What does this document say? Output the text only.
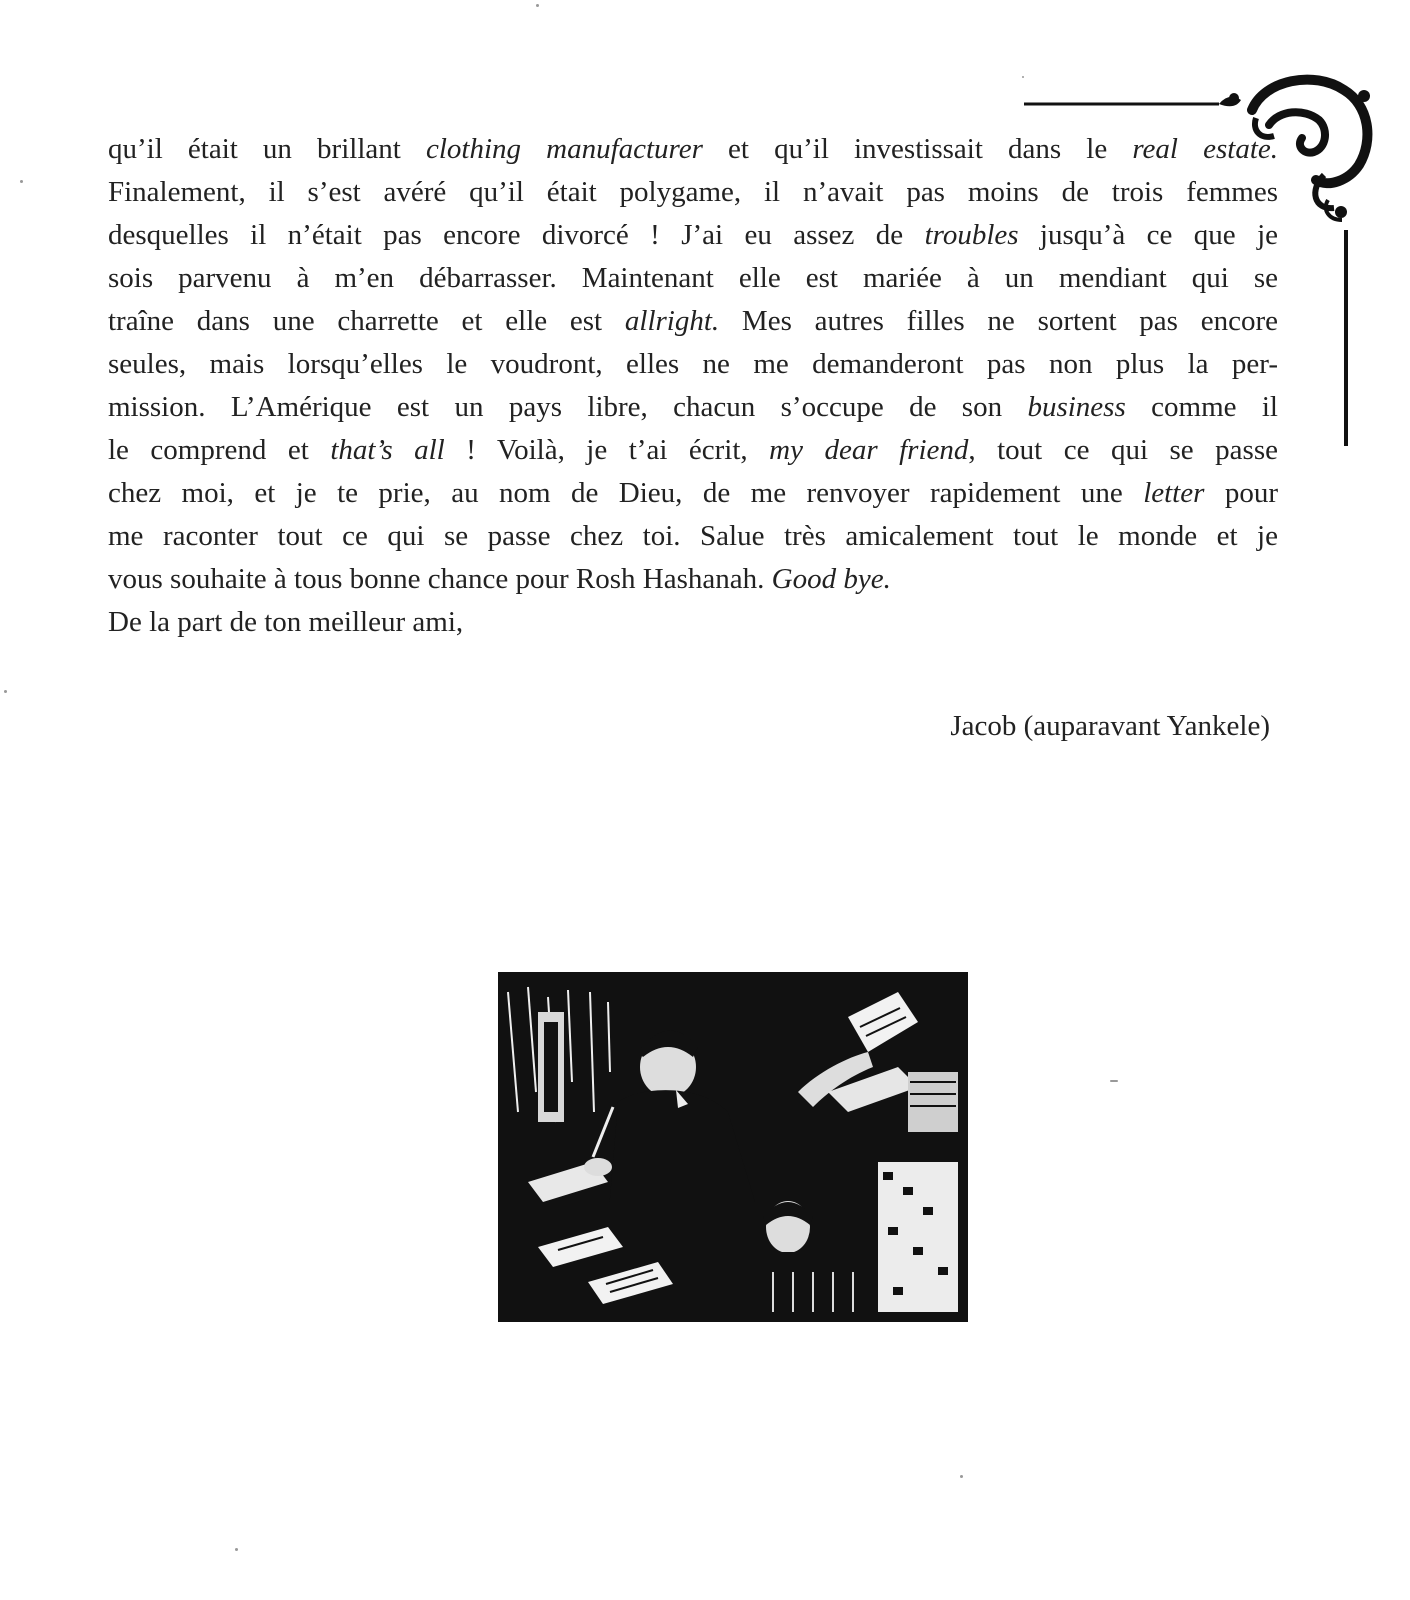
qu’il était un brillant clothing manufacturer et qu’il investissait dans le real estate.
Finalement, il s’est avéré qu’il était polygame, il n’avait pas moins de trois femmes
desquelles il n’était pas encore divorcé ! J’ai eu assez de troubles jusqu’à ce que je
sois parvenu à m’en débarrasser. Maintenant elle est mariée à un mendiant qui se
traîne dans une charrette et elle est allright. Mes autres filles ne sortent pas encore
seules, mais lorsqu’elles le voudront, elles ne me demanderont pas non plus la per-
mission. L’Amérique est un pays libre, chacun s’occupe de son business comme il
le comprend et that’s all ! Voilà, je t’ai écrit, my dear friend, tout ce qui se passe
chez moi, et je te prie, au nom de Dieu, de me renvoyer rapidement une letter pour
me raconter tout ce qui se passe chez toi. Salue très amicalement tout le monde et je
vous souhaite à tous bonne chance pour Rosh Hashanah. Good bye.
De la part de ton meilleur ami,
Jacob (auparavant Yankele)
